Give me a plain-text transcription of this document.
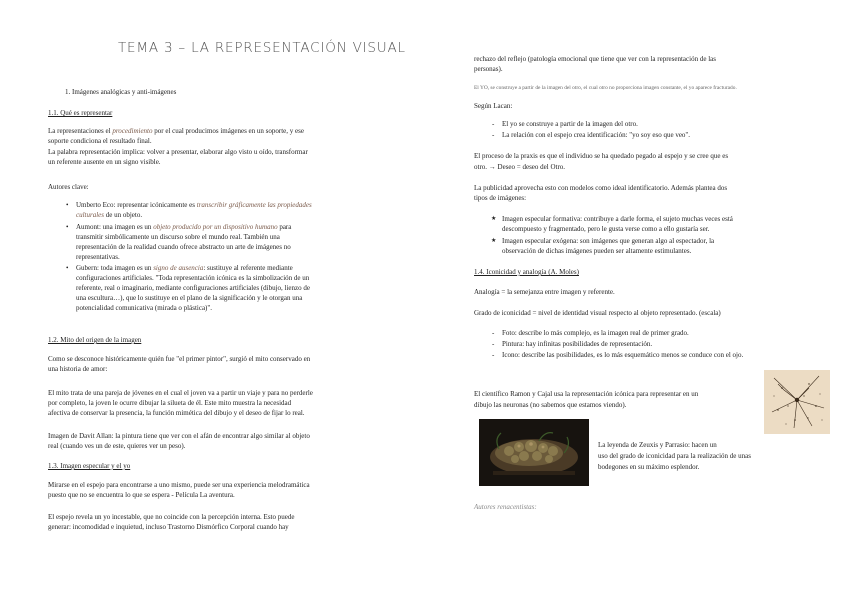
TEMA 3 – LA REPRESENTACIÓN VISUAL
1. Imágenes analógicas y anti-imágenes
1.1. Qué es representar
La representaciones el procedimiento por el cual producimos imágenes en un soporte, y ese
soporte condiciona el resultado final.
La palabra representación implica: volver a presentar, elaborar algo visto u oído, transformar
un referente ausente en un signo visible.
Autores clave:
• Umberto Eco: representar icónicamente es transcribir gráficamente las propiedades
culturales de un objeto.
• Aumont: una imagen es un objeto producido por un dispositivo humano para
transmitir simbólicamente un discurso sobre el mundo real. También una
representación de la realidad cuando ofrece abstracto un arte de imágenes no
representativas.
• Gubern: toda imagen es un signo de ausencia: sustituye al referente mediante
configuraciones artificiales. "Toda representación icónica es la simbolización de un
referente, real o imaginario, mediante configuraciones artificiales (dibujo, lienzo de
una escultura…), que lo sustituye en el plano de la significación y le otorgan una
potencialidad comunicativa (mirada o plástica)".
1.2. Mito del origen de la imagen
Como se desconoce históricamente quién fue "el primer pintor", surgió el mito conservado en
una historia de amor:
El mito trata de una pareja de jóvenes en el cual el joven va a partir un viaje y para no perderle
por completo, la joven le ocurre dibujar la silueta de él. Este mito muestra la necesidad
afectiva de conservar la presencia, la función mimética del dibujo y el deseo de fijar lo real.
Imagen de Davit Allan: la pintura tiene que ver con el afán de encontrar algo similar al objeto
real (cuando ves un de este, quieres ver un peso).
1.3. Imagen especular y el yo
Mirarse en el espejo para encontrarse a uno mismo, puede ser una experiencia melodramática
puesto que no se encuentra lo que se espera - Película La aventura.
El espejo revela un yo incestable, que no coincide con la percepción interna. Esto puede
generar: incomodidad e inquietud, incluso Trastorno Dismórfico Corporal cuando hay
rechazo del reflejo (patología emocional que tiene que ver con la representación de las
personas).
El YO, se construye a partir de la imagen del otro, el cual otro no proporciona imagen constante, el yo aparece fracturado.
Según Lacan:
- El yo se construye a partir de la imagen del otro.
- La relación con el espejo crea identificación: "yo soy eso que veo".
El proceso de la praxis es que el individuo se ha quedado pegado al espejo y se cree que es
otro. → Deseo = deseo del Otro.
La publicidad aprovecha esto con modelos como ideal identificatorio. Además plantea dos
tipos de imágenes:
★ Imagen especular formativa: contribuye a darle forma, el sujeto muchas veces está
descompuesto y fragmentado, pero le gusta verse como a ello gustaría ser.
★ Imagen especular exógena: son imágenes que generan algo al espectador, la
observación de dichas imágenes pueden ser altamente estimulantes.
1.4. Iconicidad y analogía (A. Moles)
Analogía = la semejanza entre imagen y referente.
Grado de iconicidad = nivel de identidad visual respecto al objeto representado. (escala)
- Foto: describe lo más complejo, es la imagen real de primer grado.
- Pintura: hay infinitas posibilidades de representación.
- Icono: describe las posibilidades, es lo más esquemático menos se conduce con el ojo.
El científico Ramon y Cajal usa la representación icónica para representar en un
dibujo las neuronas (no sabemos que estamos viendo).
La leyenda de Zeuxis y Parrasio: hacen un
uso del grado de iconicidad para la realización de unas
bodegones en su máximo esplendor.
Autores renacentistas:
